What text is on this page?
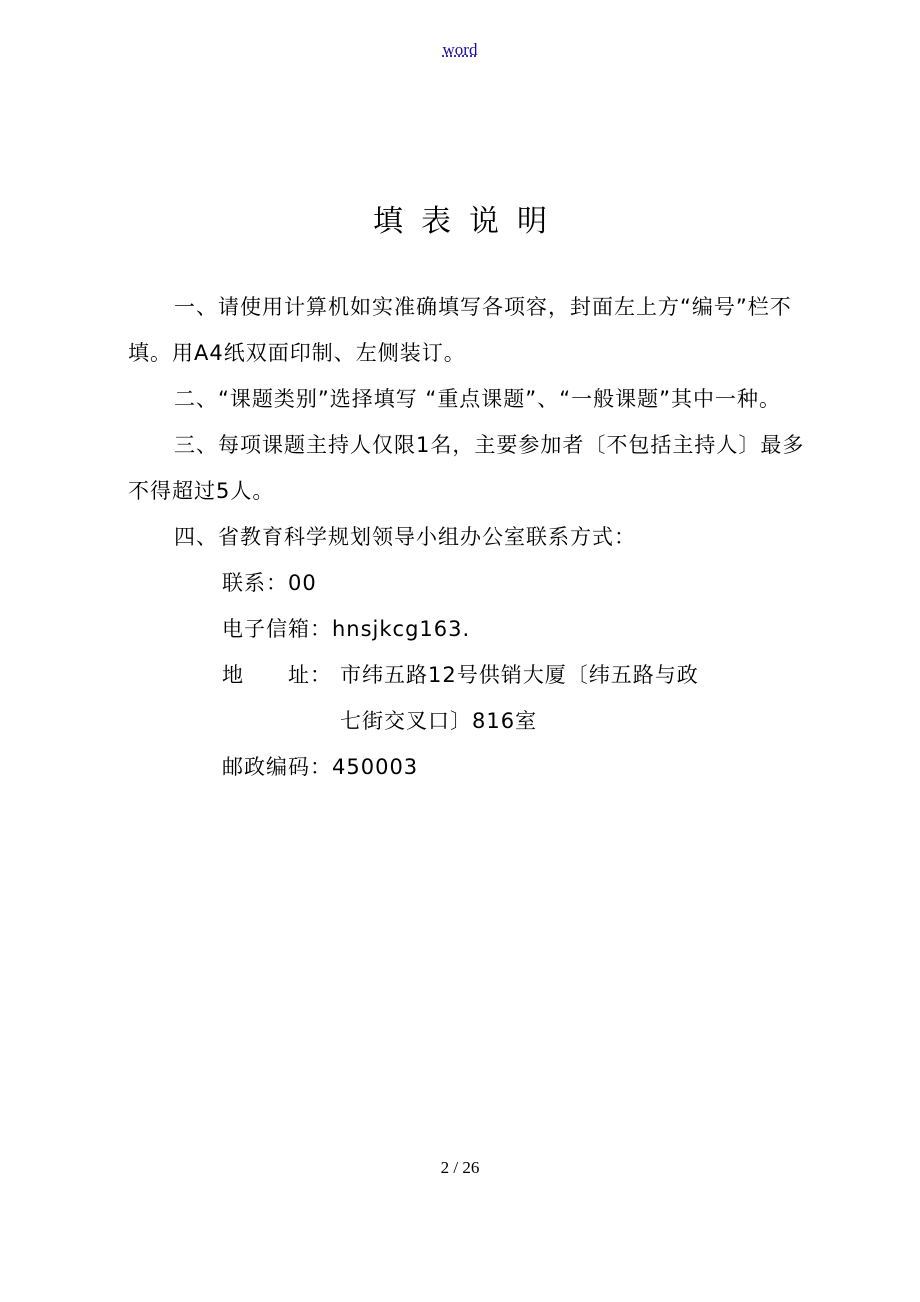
word
填表说明

一、请使用计算机如实准确填写各项容，封面左上方“编号”栏不填。用A4纸双面印制、左侧装订。

二、“课题类别”选择填写 “重点课题”、“一般课题”其中一种。

三、每项课题主持人仅限1名，主要参加者〔不包括主持人〕最多不得超过5人。

四、省教育科学规划领导小组办公室联系方式：

联系：00

电子信箱：hnsjkcg163.

地　　址： 市纬五路12号供销大厦〔纬五路与政

七街交叉口〕816室

邮政编码：450003

2 / 26
